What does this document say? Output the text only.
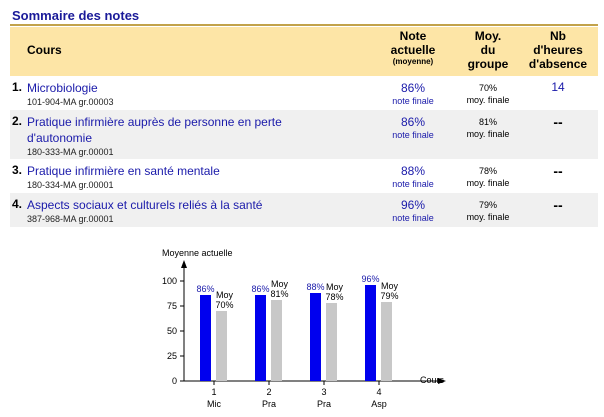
Sommaire des notes
Cours
Note
actuelle
(moyenne)
Moy.
du
groupe
Nb
d'heures
d'absence
1. Microbiologie
101-904-MA gr.00003
86%
note finale
70%
moy. finale
14
2. Pratique infirmière auprès de personne en perte d'autonomie
180-333-MA gr.00001
86%
note finale
81%
moy. finale
--
3. Pratique infirmière en santé mentale
180-334-MA gr.00001
88%
note finale
78%
moy. finale
--
4. Aspects sociaux et culturels reliés à la santé
387-968-MA gr.00001
96%
note finale
79%
moy. finale
--
Moyenne actuelle
Cours
0
25
50
75
100
86%
Moy
70%
1
Mic
86% Moy
81%
2
Pra
88% Moy
78%
3
Pra
96%
Moy
79%
4
Asp
